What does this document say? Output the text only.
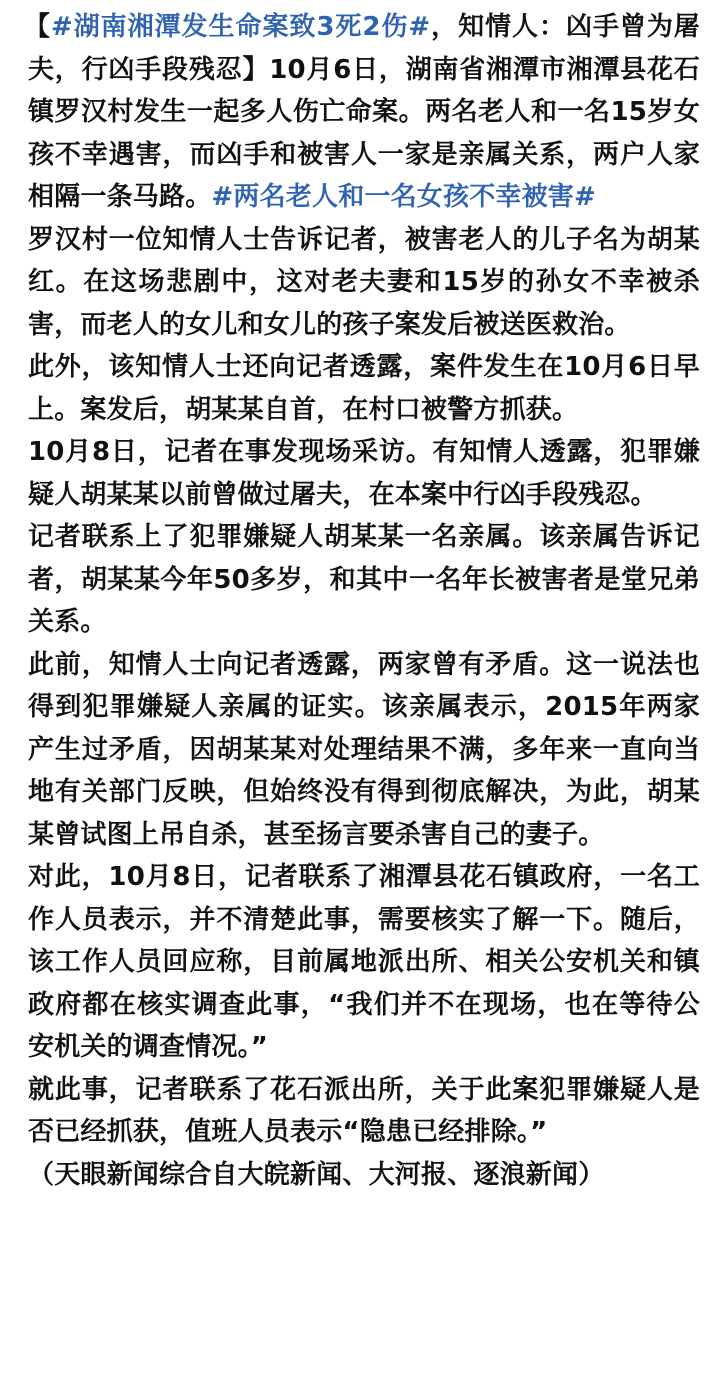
【#湖南湘潭发生命案致3死2伤#，知情人：凶手曾为屠夫，行凶手段残忍】10月6日，湖南省湘潭市湘潭县花石镇罗汉村发生一起多人伤亡命案。两名老人和一名15岁女孩不幸遇害，而凶手和被害人一家是亲属关系，两户人家相隔一条马路。#两名老人和一名女孩不幸被害#

罗汉村一位知情人士告诉记者，被害老人的儿子名为胡某红。在这场悲剧中，这对老夫妻和15岁的孙女不幸被杀害，而老人的女儿和女儿的孩子案发后被送医救治。

此外，该知情人士还向记者透露，案件发生在10月6日早上。案发后，胡某某自首，在村口被警方抓获。

10月8日，记者在事发现场采访。有知情人透露，犯罪嫌疑人胡某某以前曾做过屠夫，在本案中行凶手段残忍。

记者联系上了犯罪嫌疑人胡某某一名亲属。该亲属告诉记者，胡某某今年50多岁，和其中一名年长被害者是堂兄弟关系。

此前，知情人士向记者透露，两家曾有矛盾。这一说法也得到犯罪嫌疑人亲属的证实。该亲属表示，2015年两家产生过矛盾，因胡某某对处理结果不满，多年来一直向当地有关部门反映，但始终没有得到彻底解决，为此，胡某某曾试图上吊自杀，甚至扬言要杀害自己的妻子。

对此，10月8日，记者联系了湘潭县花石镇政府，一名工作人员表示，并不清楚此事，需要核实了解一下。随后，该工作人员回应称，目前属地派出所、相关公安机关和镇政府都在核实调查此事，“我们并不在现场，也在等待公安机关的调查情况。”

就此事，记者联系了花石派出所，关于此案犯罪嫌疑人是否已经抓获，值班人员表示“隐患已经排除。”

（天眼新闻综合自大皖新闻、大河报、逐浪新闻）
